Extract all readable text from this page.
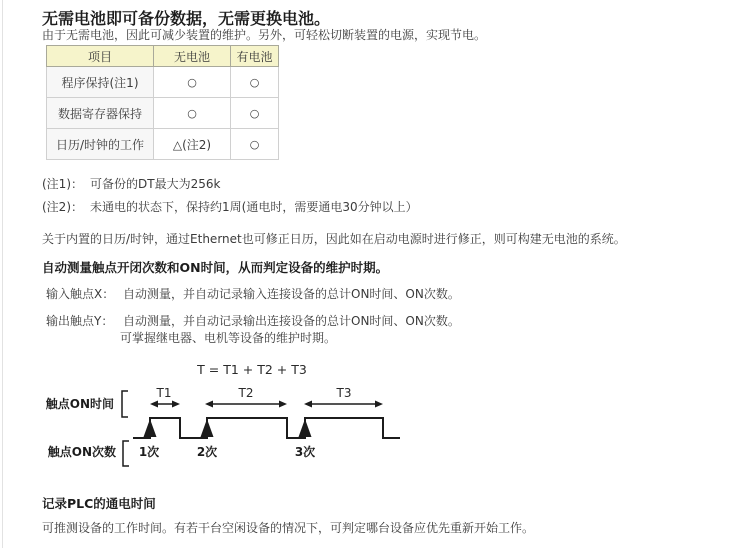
无需电池即可备份数据，无需更换电池。
由于无需电池，因此可减少装置的维护。另外，可轻松切断装置的电源，实现节电。
项目	无电池	有电池
程序保持(注1)	○	○
数据寄存器保持	○	○
日历/时钟的工作	△(注2)	○
(注1)： 可备份的DT最大为256k
(注2)： 未通电的状态下，保持约1周(通电时，需要通电30分钟以上）
关于内置的日历/时钟，通过Ethernet也可修正日历，因此如在启动电源时进行修正，则可构建无电池的系统。
自动测量触点开闭次数和ON时间，从而判定设备的维护时期。
输入触点X： 自动测量，并自动记录输入连接设备的总计ON时间、ON次数。
输出触点Y： 自动测量，并自动记录输出连接设备的总计ON时间、ON次数。
可掌握继电器、电机等设备的维护时期。
T = T1 + T2 + T3
T1	T2	T3
触点ON时间
触点ON次数 1次	2次	3次
记录PLC的通电时间
可推测设备的工作时间。有若干台空闲设备的情况下，可判定哪台设备应优先重新开始工作。
